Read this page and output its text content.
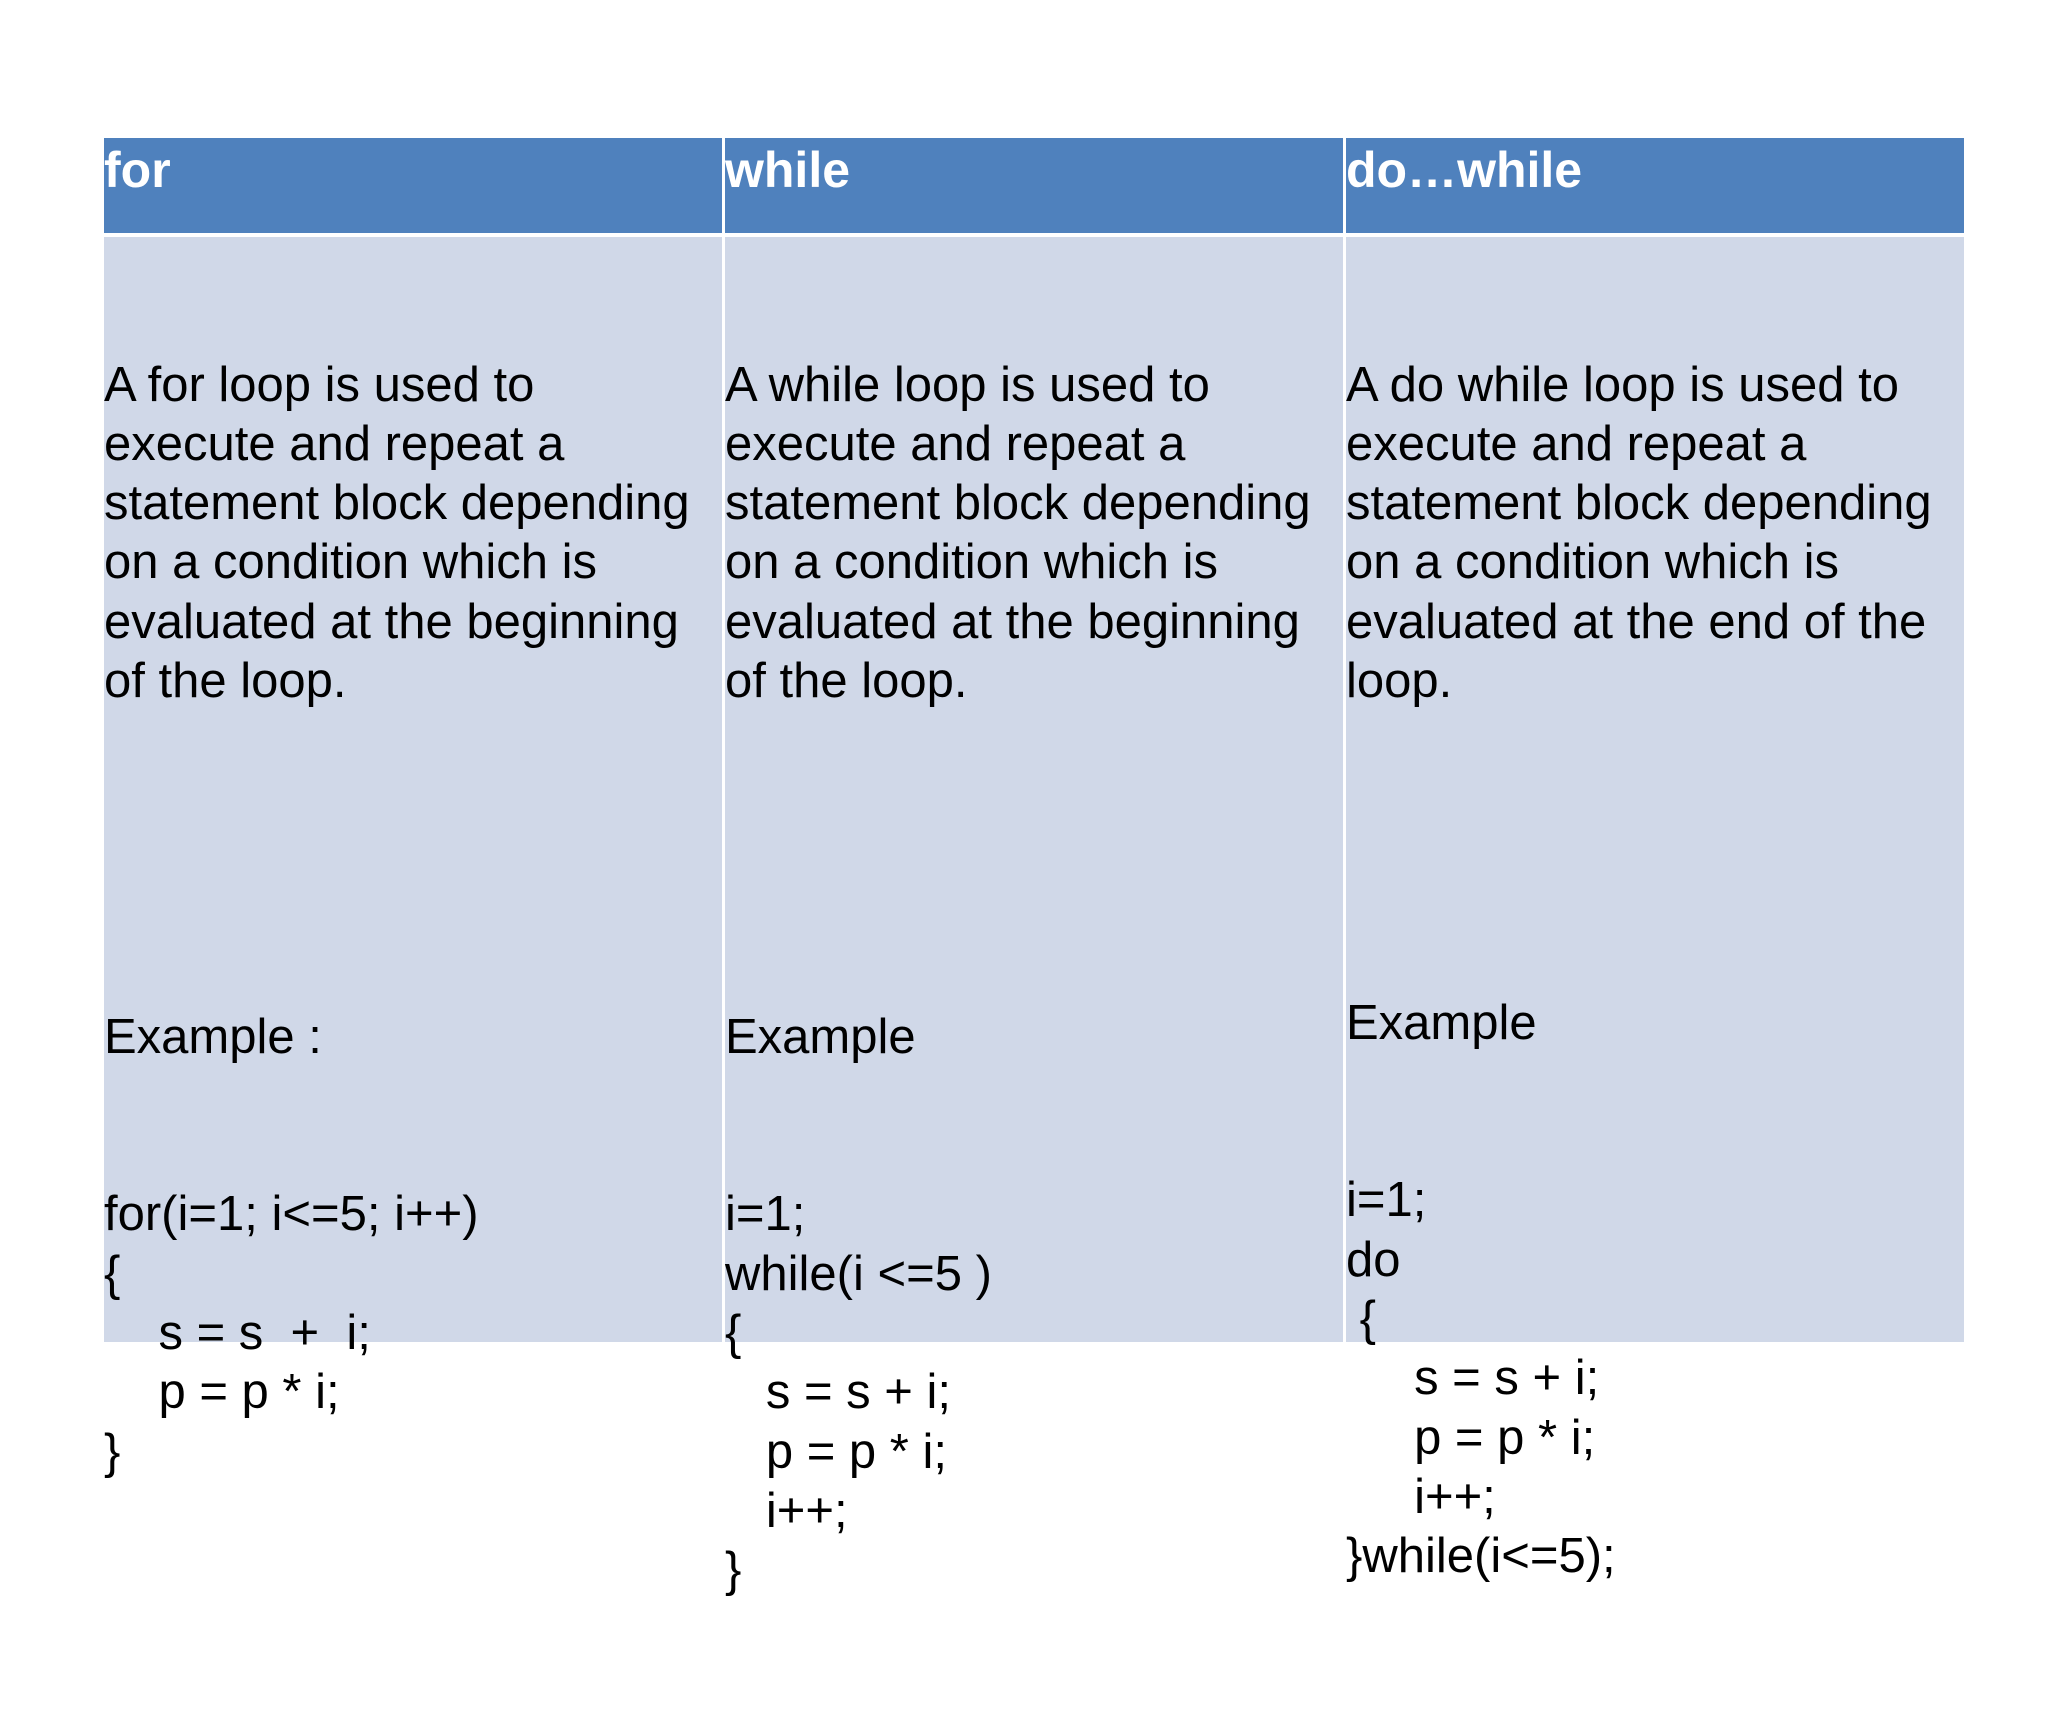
for	while	do…while

A for loop is used to
execute and repeat a
statement block depending
on a condition which is
evaluated at the beginning
of the loop.

Example :

for(i=1; i<=5; i++)
{
s = s  +  i;
p = p * i;
}

A while loop is used to
execute and repeat a
statement block depending
on a condition which is
evaluated at the beginning
of the loop.

Example

i=1;
while(i <=5 )
{
s = s + i;
p = p * i;
i++;
}

A do while loop is used to
execute and repeat a
statement block depending
on a condition which is
evaluated at the end of the
loop.

Example

i=1;
do
{
s = s + i;
p = p * i;
i++;
}while(i<=5);
